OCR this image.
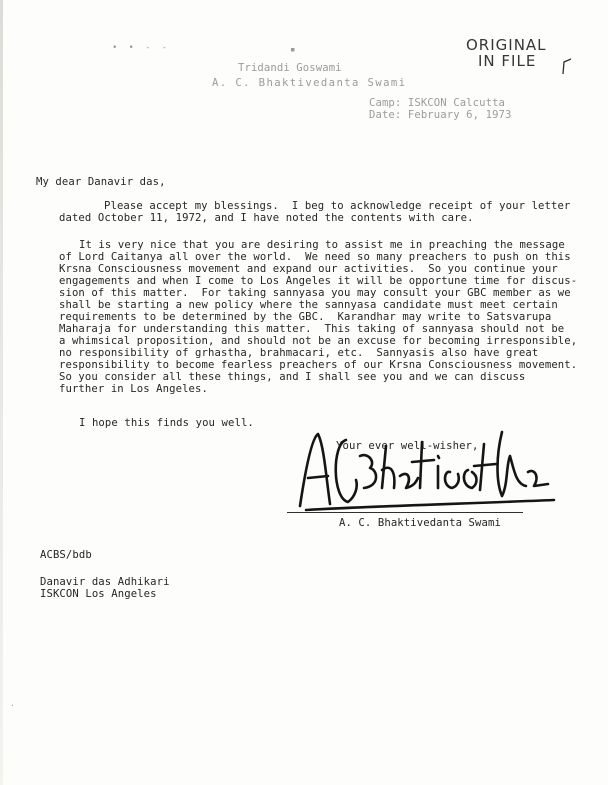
•  •  -  -	▪
Tridandi Goswami
A. C. Bhaktivedanta Swami
ORIGINAL
IN FILE
Camp: ISKCON Calcutta
Date: February 6, 1973
My dear Danavir das,
Please accept my blessings.  I beg to acknowledge receipt of your letter
dated October 11, 1972, and I have noted the contents with care.
It is very nice that you are desiring to assist me in preaching the message
of Lord Caitanya all over the world.  We need so many preachers to push on this
Krsna Consciousness movement and expand our activities.  So you continue your
engagements and when I come to Los Angeles it will be opportune time for discus-
sion of this matter.  For taking sannyasa you may consult your GBC member as we
shall be starting a new policy where the sannyasa candidate must meet certain
requirements to be determined by the GBC.  Karandhar may write to Satsvarupa
Maharaja for understanding this matter.  This taking of sannyasa should not be
a whimsical proposition, and should not be an excuse for becoming irresponsible,
no responsibility of grhastha, brahmacari, etc.  Sannyasis also have great
responsibility to become fearless preachers of our Krsna Consciousness movement.
So you consider all these things, and I shall see you and we can discuss
further in Los Angeles.
I hope this finds you well.
Your ever well-wisher,
AC Bhaktivedanta Swami
A. C. Bhaktivedanta Swami
ACBS/bdb
Danavir das Adhikari
ISKCON Los Angeles
·
